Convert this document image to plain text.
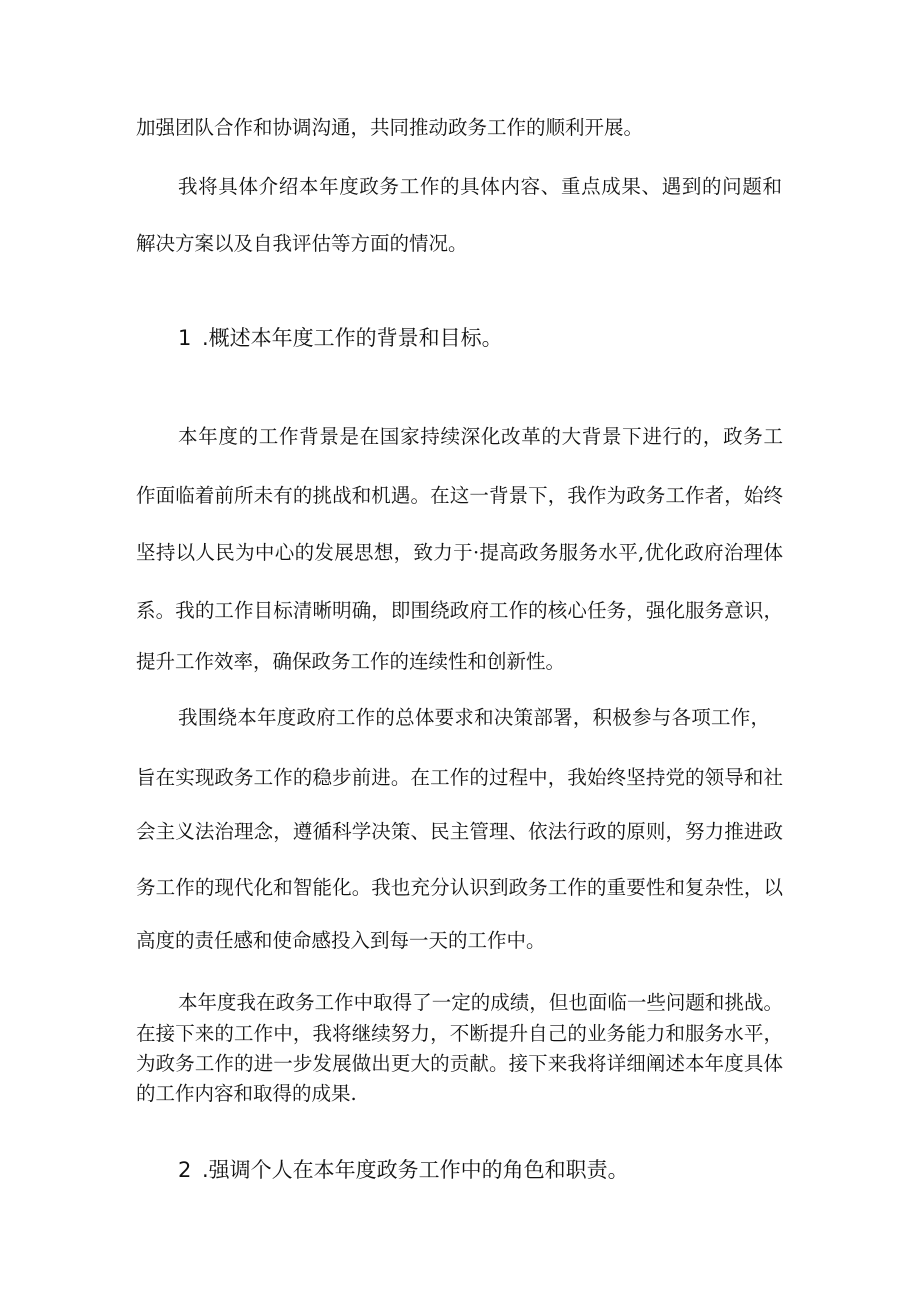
加强团队合作和协调沟通，共同推动政务工作的顺利开展。

我将具体介绍本年度政务工作的具体内容、重点成果、遇到的问题和

解决方案以及自我评估等方面的情况。

1 .概述本年度工作的背景和目标。

本年度的工作背景是在国家持续深化改革的大背景下进行的，政务工

作面临着前所未有的挑战和机遇。在这一背景下，我作为政务工作者，始终

坚持以人民为中心的发展思想，致力于·提高政务服务水平,优化政府治理体

系。我的工作目标清晰明确，即围绕政府工作的核心任务，强化服务意识，

提升工作效率，确保政务工作的连续性和创新性。

我围绕本年度政府工作的总体要求和决策部署，积极参与各项工作，

旨在实现政务工作的稳步前进。在工作的过程中，我始终坚持党的领导和社

会主义法治理念，遵循科学决策、民主管理、依法行政的原则，努力推进政

务工作的现代化和智能化。我也充分认识到政务工作的重要性和复杂性，以

高度的责任感和使命感投入到每一天的工作中。

本年度我在政务工作中取得了一定的成绩，但也面临一些问题和挑战。

在接下来的工作中，我将继续努力，不断提升自己的业务能力和服务水平，

为政务工作的进一步发展做出更大的贡献。接下来我将详细阐述本年度具体

的工作内容和取得的成果.

2 .强调个人在本年度政务工作中的角色和职责。
